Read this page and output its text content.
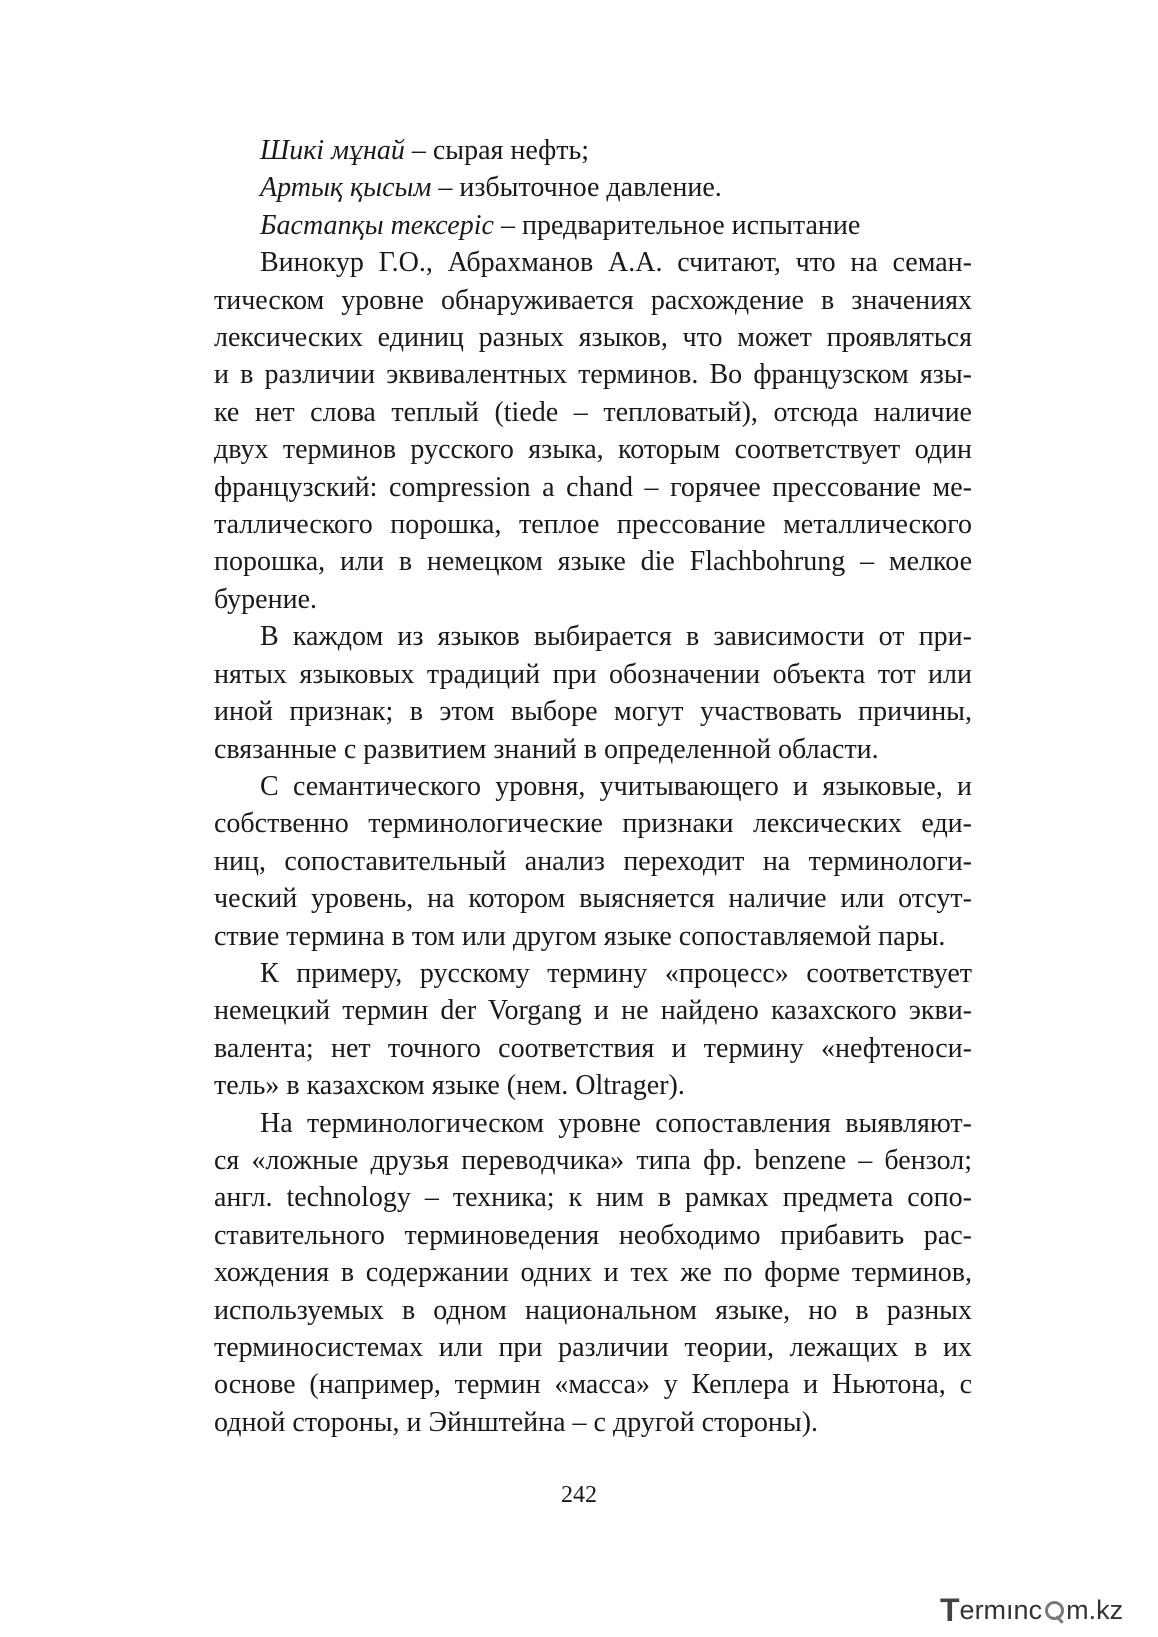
Шикі мұнай – сырая нефть;
Артық қысым – избыточное давление.
Бастапқы тексеріс – предварительное испытание
Винокур Г.О., Абрахманов А.А. считают, что на семан-
тическом уровне обнаруживается расхождение в значениях
лексических единиц разных языков, что может проявляться
и в различии эквивалентных терминов. Во французском язы-
ке нет слова теплый (tiede – тепловатый), отсюда наличие
двух терминов русского языка, которым соответствует один
французский: compression a chand – горячее прессование ме-
таллического порошка, теплое прессование металлического
порошка, или в немецком языке die Flachbohrung – мелкое
бурение.
В каждом из языков выбирается в зависимости от при-
нятых языковых традиций при обозначении объекта тот или
иной признак; в этом выборе могут участвовать причины,
связанные с развитием знаний в определенной области.
С семантического уровня, учитывающего и языковые, и
собственно терминологические признаки лексических еди-
ниц, сопоставительный анализ переходит на терминологи-
ческий уровень, на котором выясняется наличие или отсут-
ствие термина в том или другом языке сопоставляемой пары.
К примеру, русскому термину «процесс» соответствует
немецкий термин der Vorgang и не найдено казахского экви-
валента; нет точного соответствия и термину «нефтеноси-
тель» в казахском языке (нем. Oltrager).
На терминологическом уровне сопоставления выявляют-
ся «ложные друзья переводчика» типа фр. benzene – бензол;
англ. technology – техника; к ним в рамках предмета сопо-
ставительного терминоведения необходимо прибавить рас-
хождения в содержании одних и тех же по форме терминов,
используемых в одном национальном языке, но в разных
терминосистемах или при различии теории, лежащих в их
основе (например, термин «масса» у Кеплера и Ньютона, с
одной стороны, и Эйнштейна – с другой стороны).
242
T ermınc m.kz
